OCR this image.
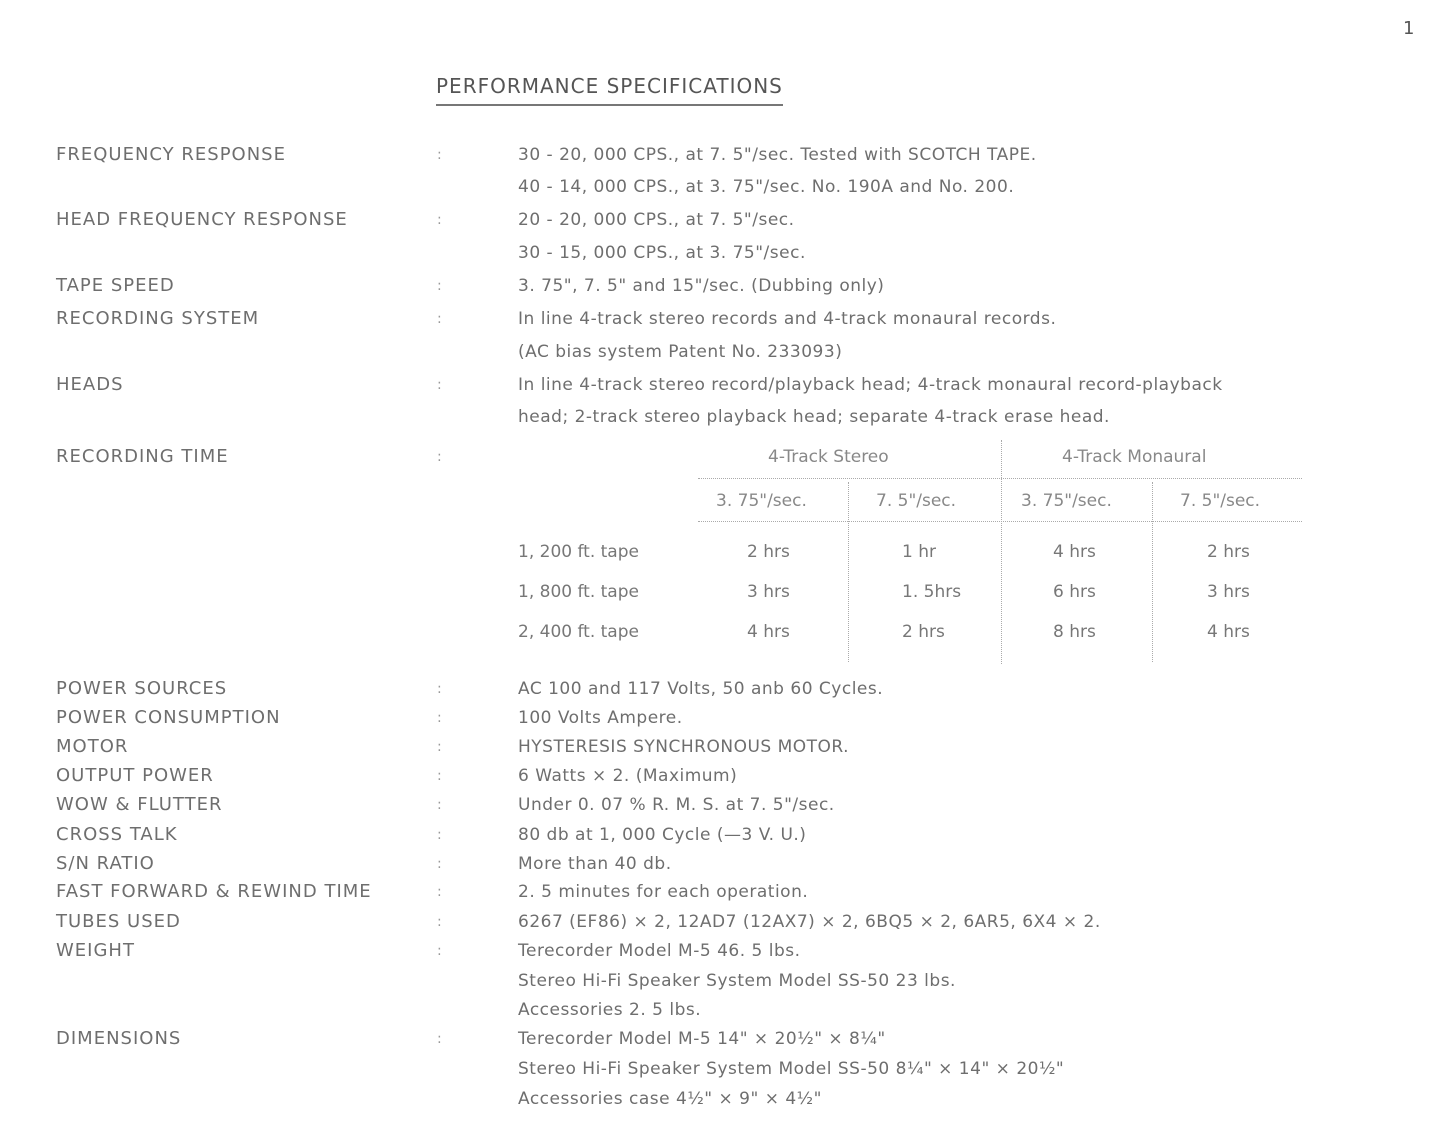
1
PERFORMANCE SPECIFICATIONS
FREQUENCY RESPONSE	:	30 - 20, 000 CPS., at 7. 5"/sec. Tested with SCOTCH TAPE.
40 - 14, 000 CPS., at 3. 75"/sec. No. 190A and No. 200.
HEAD FREQUENCY RESPONSE	:	20 - 20, 000 CPS., at 7. 5"/sec.
30 - 15, 000 CPS., at 3. 75"/sec.
TAPE SPEED	:	3. 75", 7. 5" and 15"/sec. (Dubbing only)
RECORDING SYSTEM	:	In line 4-track stereo records and 4-track monaural records.
(AC bias system Patent No. 233093)
HEADS	:	In line 4-track stereo record/playback head; 4-track monaural record-playback
head; 2-track stereo playback head; separate 4-track erase head.
RECORDING TIME	:	4-Track Stereo	4-Track Monaural
3. 75"/sec.	7. 5"/sec.	3. 75"/sec.	7. 5"/sec.
1, 200 ft. tape	2 hrs	1 hr	4 hrs	2 hrs
1, 800 ft. tape	3 hrs	1. 5hrs	6 hrs	3 hrs
2, 400 ft. tape	4 hrs	2 hrs	8 hrs	4 hrs
POWER SOURCES	:	AC 100 and 117 Volts, 50 anb 60 Cycles.
POWER CONSUMPTION	:	100 Volts Ampere.
MOTOR	:	HYSTERESIS SYNCHRONOUS MOTOR.
OUTPUT POWER	:	6 Watts × 2. (Maximum)
WOW & FLUTTER	:	Under 0. 07 % R. M. S. at 7. 5"/sec.
CROSS TALK	:	80 db at 1, 000 Cycle (—3 V. U.)
S/N RATIO	:	More than 40 db.
FAST FORWARD & REWIND TIME	:	2. 5 minutes for each operation.
TUBES USED	:	6267 (EF86) × 2, 12AD7 (12AX7) × 2, 6BQ5 × 2, 6AR5, 6X4 × 2.
WEIGHT	:	Terecorder Model M-5 46. 5 lbs.
Stereo Hi-Fi Speaker System Model SS-50 23 lbs.
Accessories 2. 5 lbs.
DIMENSIONS	:	Terecorder Model M-5 14" × 20½" × 8¼"
Stereo Hi-Fi Speaker System Model SS-50 8¼" × 14" × 20½"
Accessories case 4½" × 9" × 4½"
